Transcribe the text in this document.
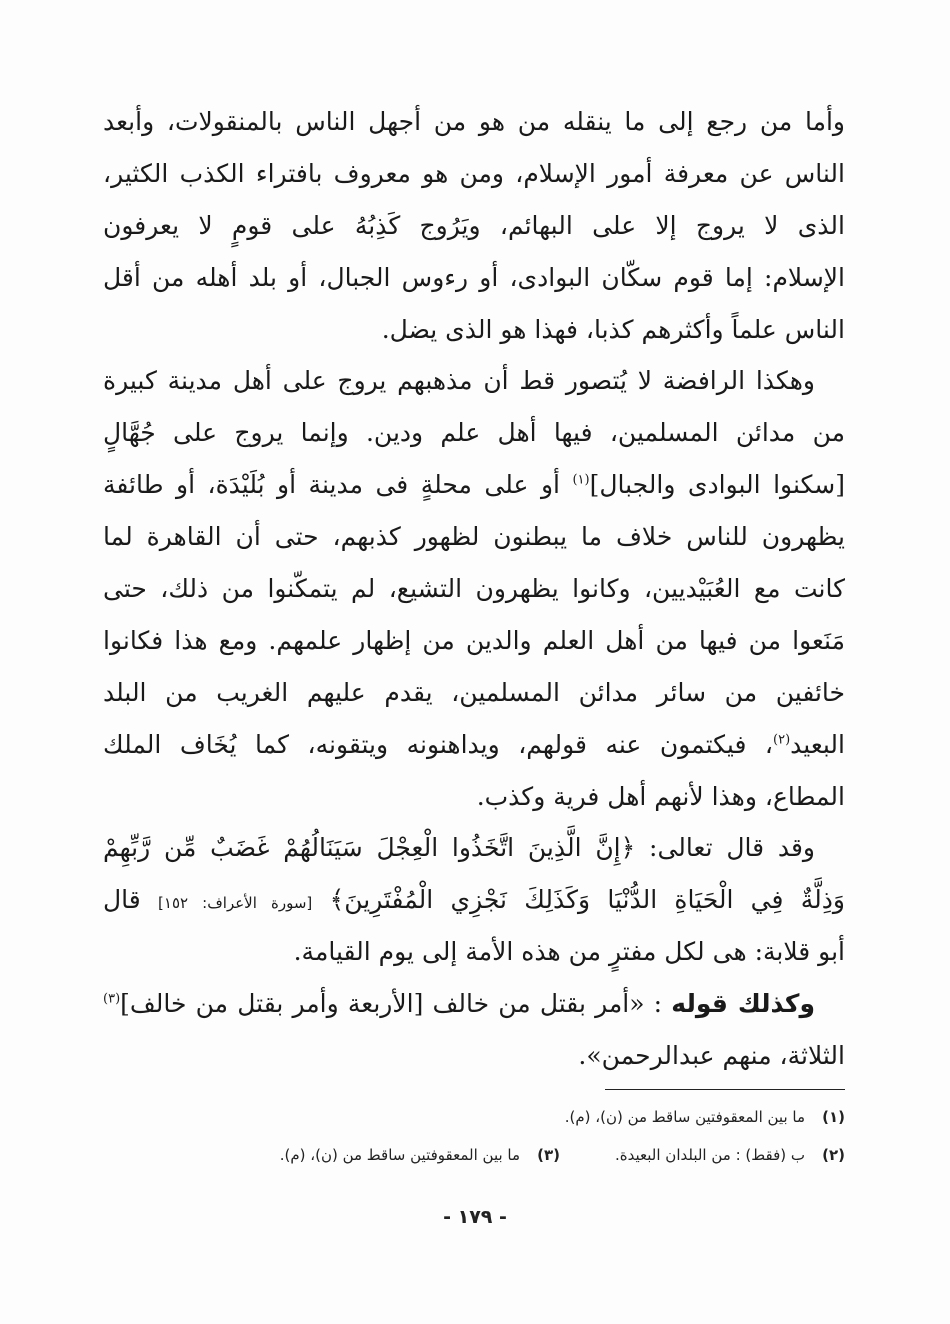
وأما من رجع إلى ما ينقله من هو من أجهل الناس بالمنقولات، وأبعد
الناس عن معرفة أمور الإسلام، ومن هو معروف بافتراء الكذب الكثير،
الذى لا يروج إلا على البهائم، ويَرُوج كَذِبُهُ على قومٍ لا يعرفون
الإسلام: إما قوم سكّان البوادى، أو رءوس الجبال، أو بلد أهله من أقل
الناس علماً وأكثرهم كذبا، فهذا هو الذى يضل.
وهكذا الرافضة لا يُتصور قط أن مذهبهم يروج على أهل مدينة كبيرة
من مدائن المسلمين، فيها أهل علم ودين. وإنما يروج على جُهَّالٍ
[سكنوا البوادى والجبال]$^{(١)}$ أو على محلةٍ فى مدينة أو بُلَيْدَة، أو طائفة
يظهرون للناس خلاف ما يبطنون لظهور كذبهم، حتى أن القاهرة لما
كانت مع العُبَيْديين، وكانوا يظهرون التشيع، لم يتمكّنوا من ذلك، حتى
مَنَعوا من فيها من أهل العلم والدين من إظهار علمهم. ومع هذا فكانوا
خائفين من سائر مدائن المسلمين، يقدم عليهم الغريب من البلد
البعيد$^{(٢)}$، فيكتمون عنه قولهم، ويداهنونه ويتقونه، كما يُخَاف الملك
المطاع، وهذا لأنهم أهل فرية وكذب.
وقد قال تعالى: ﴿إِنَّ الَّذِينَ اتَّخَذُوا الْعِجْلَ سَيَنَالُهُمْ غَضَبٌ مِّن رَّبِّهِمْ
وَذِلَّةٌ فِي الْحَيَاةِ الدُّنْيَا وَكَذَلِكَ نَجْزِي الْمُفْتَرِينَ﴾ [سورة الأعراف: ١٥٢] قال
أبو قلابة: هى لكل مفترٍ من هذه الأمة إلى يوم القيامة.
وكذلك قوله : «أمر بقتل من خالف [الأربعة وأمر بقتل من خالف]$^{(٣)}$
الثلاثة، منهم عبدالرحمن».
(١)ما بين المعقوفتين ساقط من (ن)، (م).
(٢)ب (فقط) : من البلدان البعيدة.(٣)ما بين المعقوفتين ساقط من (ن)، (م).
- ١٧٩ -
